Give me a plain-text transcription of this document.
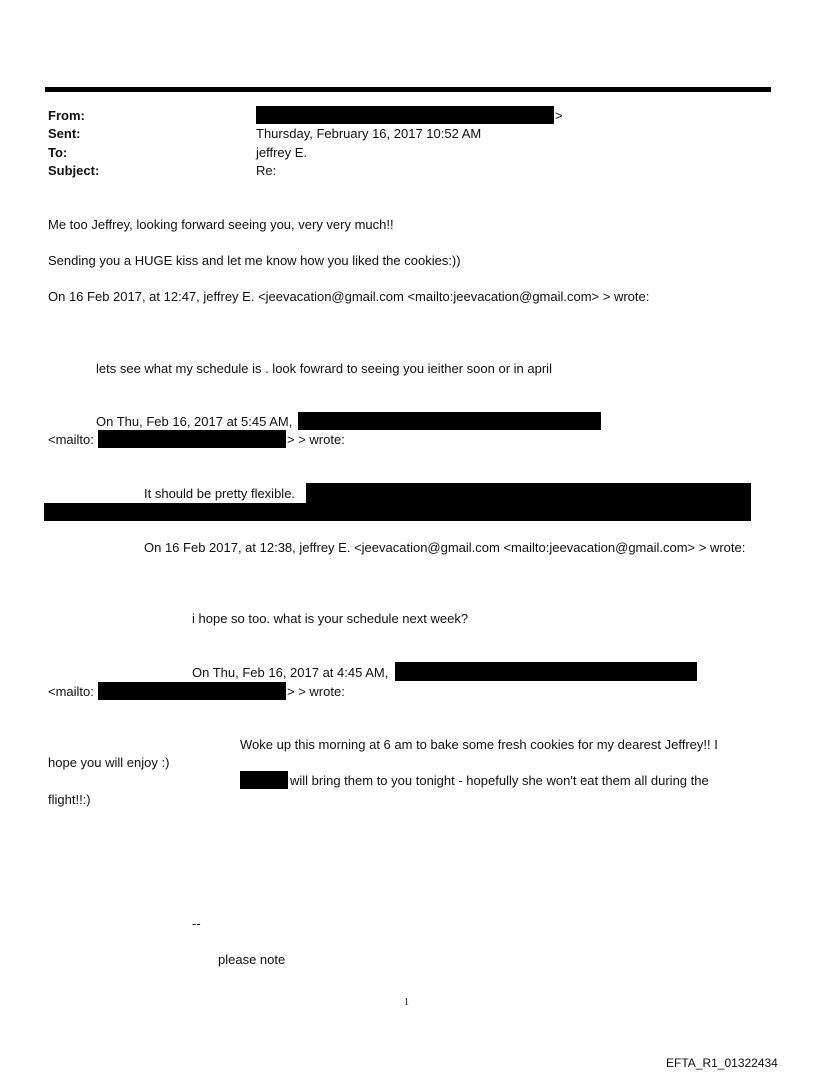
From:	>
Sent:	Thursday, February 16, 2017 10:52 AM
To:	jeffrey E.
Subject:	Re:
Me too Jeffrey, looking forward seeing you, very very much!!
Sending you a HUGE kiss and let me know how you liked the cookies:))
On 16 Feb 2017, at 12:47, jeffrey E. <jeevacation@gmail.com <mailto:jeevacation@gmail.com> > wrote:
lets see what my schedule is . look fowrard to seeing you ieither soon or in april
On Thu, Feb 16, 2017 at 5:45 AM,
<mailto:	> > wrote:
It should be pretty flexible.
On 16 Feb 2017, at 12:38, jeffrey E. <jeevacation@gmail.com <mailto:jeevacation@gmail.com> > wrote:
i hope so too. what is your schedule next week?
On Thu, Feb 16, 2017 at 4:45 AM,
<mailto:	> > wrote:
Woke up this morning at 6 am to bake some fresh cookies for my dearest Jeffrey!! I
hope you will enjoy :)
will bring them to you tonight - hopefully she won't eat them all during the
flight!!:)
--
please note
1
EFTA_R1_01322434
